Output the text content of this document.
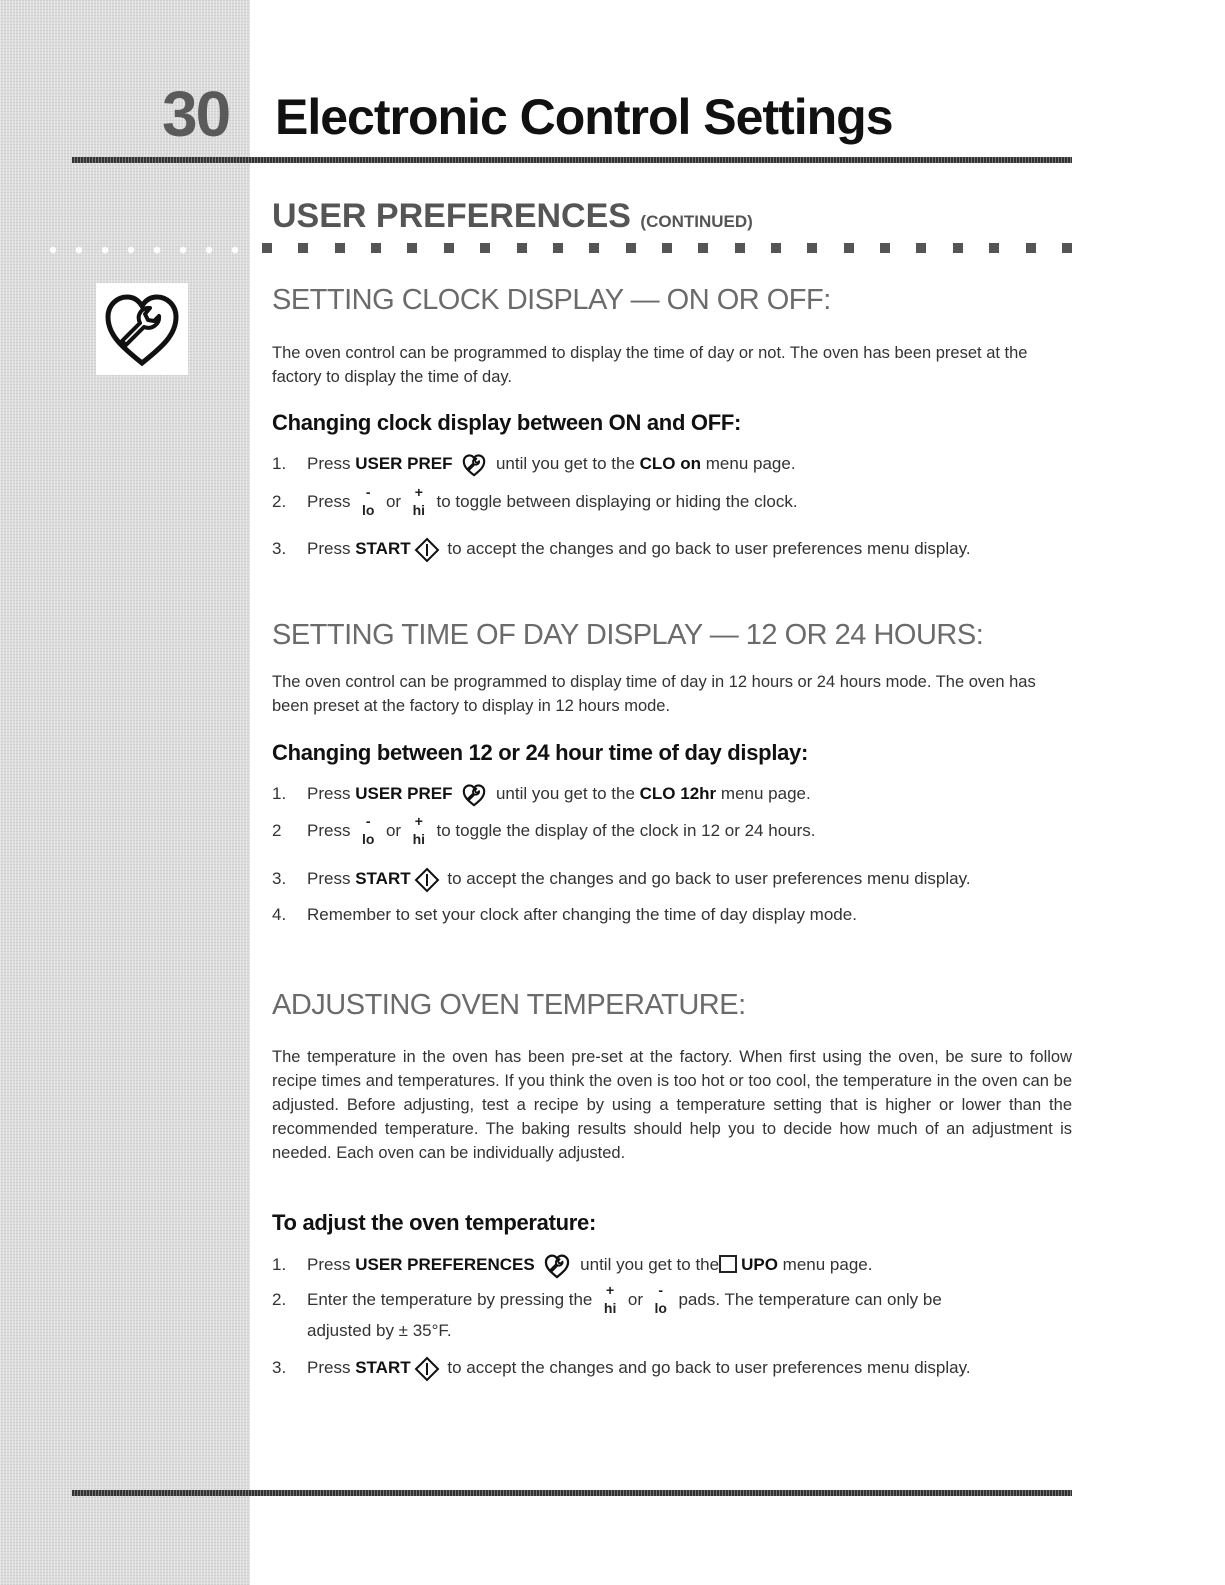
30 Electronic Control Settings
USER PREFERENCES (CONTINUED)
SETTING CLOCK DISPLAY — ON OR OFF:
The oven control can be programmed to display the time of day or not. The oven has been preset at the factory to display the time of day.
Changing clock display between ON and OFF:
1. Press USER PREF	until you get to the CLO on menu page.
2. Press	-
lo or +
hi to toggle between displaying or hiding the clock.
3. Press START to accept the changes and go back to user preferences menu display.
SETTING TIME OF DAY DISPLAY — 12 OR 24 HOURS:
The oven control can be programmed to display time of day in 12 hours or 24 hours mode. The oven has been preset at the factory to display in 12 hours mode.
Changing between 12 or 24 hour time of day display:
1. Press USER PREF	until you get to the CLO 12hr menu page.
2 Press	-
lo or +
hi to toggle the display of the clock in 12 or 24 hours.
3. Press START to accept the changes and go back to user preferences menu display.
4. Remember to set your clock after changing the time of day display mode.
ADJUSTING OVEN TEMPERATURE:
The temperature in the oven has been pre-set at the factory. When first using the oven, be sure to follow recipe times and temperatures. If you think the oven is too hot or too cool, the temperature in the oven can be adjusted. Before adjusting, test a recipe by using a temperature setting that is higher or lower than the recommended temperature. The baking results should help you to decide how much of an adjustment is needed. Each oven can be individually adjusted.
To adjust the oven temperature:
1. Press USER PREFERENCES	until you get to the UPO menu page.
2. Enter the temperature by pressing the +
hi or	-
lo pads. The temperature can only be
adjusted by ± 35°F.
3. Press START to accept the changes and go back to user preferences menu display.
